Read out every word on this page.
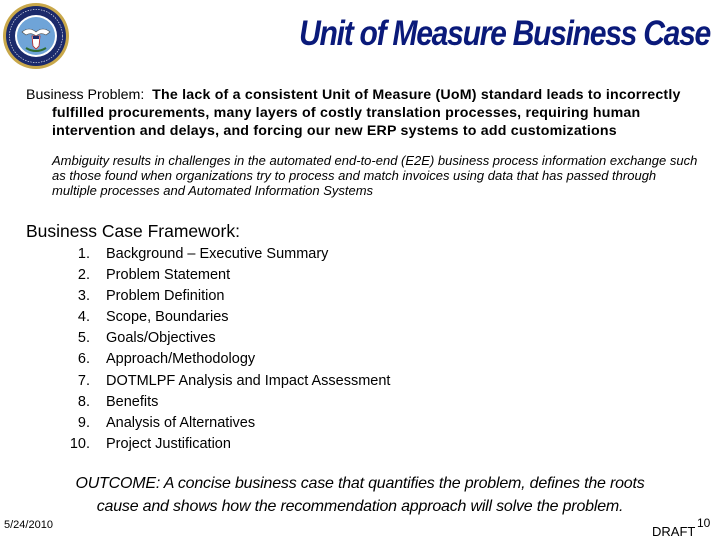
Unit of Measure Business Case

Business Problem: The lack of a consistent Unit of Measure (UoM) standard leads to incorrectly fulfilled procurements, many layers of costly translation processes, requiring human intervention and delays, and forcing our new ERP systems to add customizations

Ambiguity results in challenges in the automated end-to-end (E2E) business process information exchange such as those found when organizations try to process and match invoices using data that has passed through multiple processes and Automated Information Systems
Business Case Framework:
1. Background – Executive Summary
2. Problem Statement
3. Problem Definition
4. Scope, Boundaries
5. Goals/Objectives
6. Approach/Methodology
7. DOTMLPF Analysis and Impact Assessment
8. Benefits
9. Analysis of Alternatives
10. Project Justification
OUTCOME: A concise business case that quantifies the problem, defines the roots
cause and shows how the recommendation approach will solve the problem.
5/24/2010	DRAFT
10
